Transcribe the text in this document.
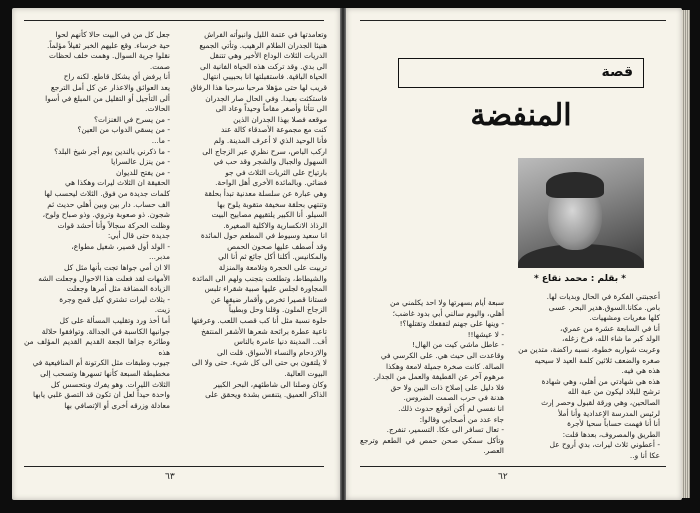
وتعامدتها في عتمة الليل وانبوأته الفراش

هنيئا الجدران الطلام الرهيب. وتأتي الجميع

الدريات الثلاث الوداع الأخير وهي تتنقل

الى بدي. وقد تركت هذه الحياة الفانية الى

الحياة الباقية. فاستقبلتها انا بحبيبي انتهال

قريب لها حتى مؤهلا مرحبا سرحبا هذا الرفاق

فاستكثت بعيدا. وفي الحال صار الجدران

الى تتأثا وأصغر مقاماً وحيداً وعاد الى

موقعه فصلا بهذا الجدران الذين

كنت مع مجموعة الأصدقاء كالة عند

فأنا الوحيد الذي لا أعرف المدينة. ولم

اركب الباص، سرح نظري عبر الزجاج الى

السهول والجبال والشجر وقد حب في

بارتياح على الثريات الثلاث في جو

فضائي. وبالمائدة الأخرى أهل الواحة.

وهي عبارة عن سلسلة معدنية تبدأ بحلقة

وتنتهي بحلقة سخيفة متقوبة يلوح بها

السيلو. أنا الكبير يلتقيهم مصابيح البيت

الرذاذ الانكسارية والاكلية الصغيرة.

انا سعيد وسيوط في المطعم حول المائدة

وقد أصطف عليها صحون الحمص

والمكانيس. أكلنا أكل جائع ثم أنا الي

تربيت على الحجرة وتلامعة والمنزلة

والشيطاط، وتطلعت بتجنب ولهم الى المائدة

المجاورة لجلس عليها صبية شقراء تلبس

فستانا قصيرا تخرص وأقمار ضيقها عن

الزجاج الملون. وقلنا وحل وبطيباً

حلوة نسبة مثل أنا كب قصب اللعب. وعرفتها

تاعية عطرة برائحة شعرها الأشقر المنتفخ

أف.. المدينة دنيا عامرة بالناس

والازدحام والنساء الأسواق. قلت الى

لا يلتقون بي حتى الى كل شيء. حتى ولا الى

البيوت العالية.

وكان وصلنا الى شاطئهم، البحر الكبير

الذاكر العميق. يتنفس بشدة ويحقق على

جعل كل من في البيت حالا كأنهم لحوا

حية خرساء. وقع عليهم الخبر ثقيلاً مؤلماً.

نقلوا جرية السوال. وهمت خلف لحظات

صمت.

أنا يرفض أي يشكل قاطع. لكنه راح

يعد العوائق والاعذار عن كل أمل الترجع

ألى التأجيل أو التقليل من المبلغ في أسوا

الحالات.

- من يسرح في الغنزات؟

- من يسقي الدواب من العين؟

- ما...

- ما ذكرني بالندين يوم أجر شيخ البلد؟

- من ينزل عالسرايا

- من يفتح للديوان

الحقيقة ان الثلاث ليرات وهكذا هي

كلمات جديدة من فوق. الثلاث ليحسب لها

الف حساب. دار بين وبين أهلي حديث ثم

شجون. ذو صعوبة وتروي. وذو صباح ولوح،

وظلت الحركة سجالاً وأنا أحشد قوات

جديدة حتى قال أبي:

- الولد أول قصير، شغيل مطواع،

مدبر...

الا ان أمي جواها تجت بأنها مثل كل

الأمهات لقد فعلت هذا الاحوال وجعلت الشه

الزيادة المضافة مثل أمرها وجعلت

- بثلاث ليرات تشتري كيل قمح وجرة

زيت.

أما أخذ ورد وتقليب المسألة على كل

جوانبها الكاسبة في الجدالة. وتوافقوا حلالة

وطائرة جزاها الجعة القديم القديم المؤلف من هذه

جيوب وطبقات مثل الكرتونة أم المنافيعية في

مخطيطة السبعة كأنها تسهرها وتسحب إلى

الثلاث الليرات. وهو يفرك وبتحسس كل

واحدة حيداً لعل ان تكون قد التصق غلبي يابها

معادلة وزرقه أخرى أو الإتصافي بها

٦٣
قصة
المنفضة
* بقلم : محمد نقاع *

أعجبتني الفكرة في الحال وبديات لها.

باص. مكانا.السوق.هدير البحر. عسى

كلها مغريات ومشهيات.

أنا في السابعة عشرة من عمري،

الولد كبر ما شاء الله، فرخ زغله،

وعربت شواربه خطوة، نسبه راكضة، متدين من

صغره والضعف ثلاثين كلمة العيد لا سيحيه

هذه هي فيه.

هذه هي شهادتي من أهلي، وهي شهادة

ترشح للبلاد ليكون من عبة الله

الصالحين، وهي ورقة لقبول وحصر إرث

لرئيس المدرسة الإعدادية وأنا أملأ

أنا أنا فهمت حساباً سحيا لأجرة

الطريق والمصروف، بعدها قلت:

- أعطوني ثلاث ليرات، بدي أروح عل

عكا أنا و..

سبعة أيام بسهرتها ولا احد يكلمني من

أهلي، واليوم سالني أبي بدود غاضب؛

- وينها على جهنم لتفقعك وتقتلها؟!

- لا عيشها!!

- عاطل ماشي كيت من الهال!

وقاعدت الى حيث هي. على الكرسي في

الصالة. كانت صخرة جميلة لامعة وهكذا

مرهوم آخر عن القطيفة والعمل من الجدار.

فلا دليل على إصلاح ذات البين ولا حق

هدنة في حرب الصمت الضروس.

انا نفسي لم أكن أتوقع حدوث ذلك.

جاء عدد من أصحابي وقالوا:

- تعال تسافر الى عكا. التسمير، تنفرج.

وتأكل سمكي صحن حمص في الطعم وترجع العصر.

٦٢
